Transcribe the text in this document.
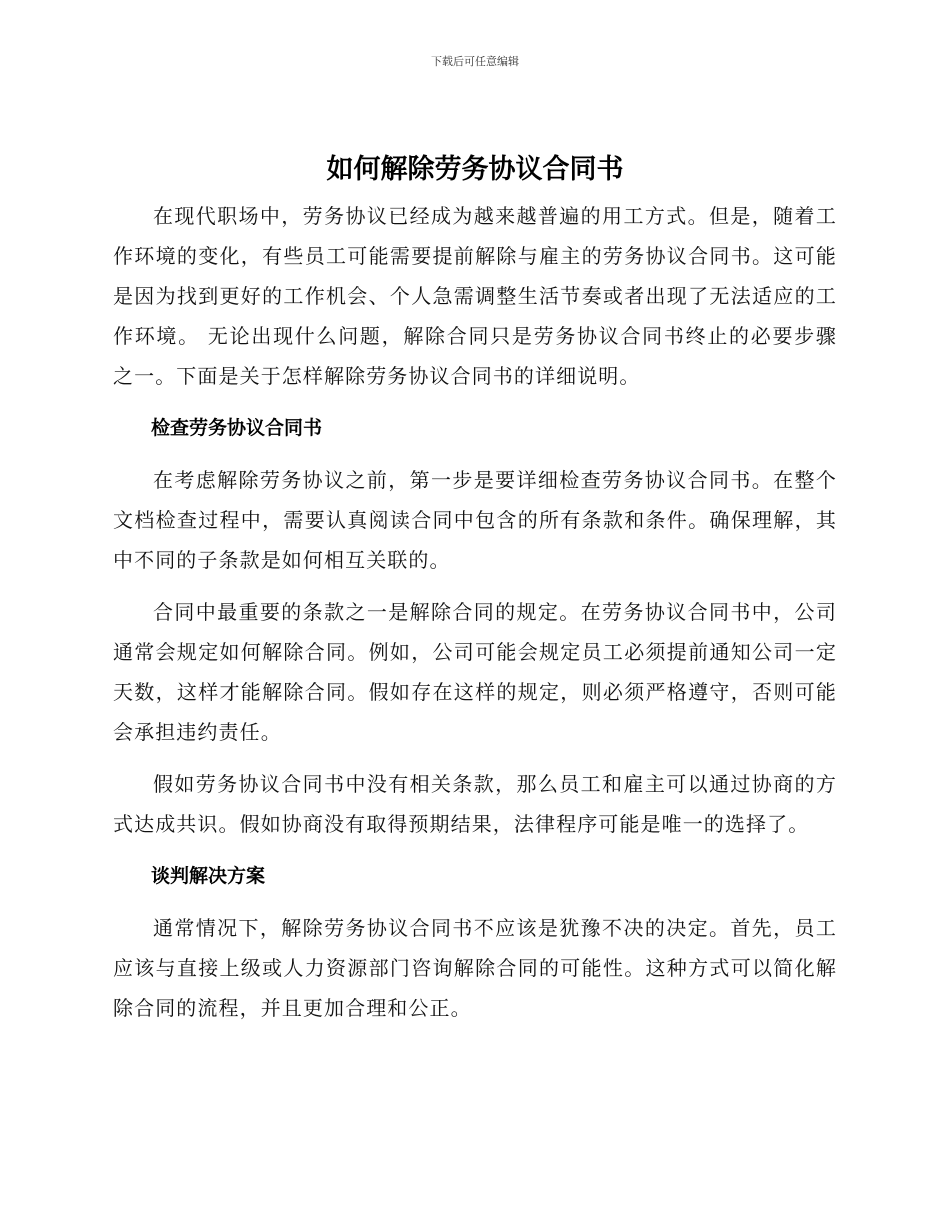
下载后可任意编辑
如何解除劳务协议合同书

在现代职场中，劳务协议已经成为越来越普遍的用工方式。但是，随着工作环境的变化，有些员工可能需要提前解除与雇主的劳务协议合同书。这可能是因为找到更好的工作机会、个人急需调整生活节奏或者出现了无法适应的工作环境。 无论出现什么问题，解除合同只是劳务协议合同书终止的必要步骤之一。下面是关于怎样解除劳务协议合同书的详细说明。

检查劳务协议合同书

在考虑解除劳务协议之前，第一步是要详细检查劳务协议合同书。在整个文档检查过程中，需要认真阅读合同中包含的所有条款和条件。确保理解，其中不同的子条款是如何相互关联的。

合同中最重要的条款之一是解除合同的规定。在劳务协议合同书中，公司通常会规定如何解除合同。例如，公司可能会规定员工必须提前通知公司一定天数，这样才能解除合同。假如存在这样的规定，则必须严格遵守，否则可能会承担违约责任。

假如劳务协议合同书中没有相关条款，那么员工和雇主可以通过协商的方式达成共识。假如协商没有取得预期结果，法律程序可能是唯一的选择了。

谈判解决方案

通常情况下，解除劳务协议合同书不应该是犹豫不决的决定。首先，员工应该与直接上级或人力资源部门咨询解除合同的可能性。这种方式可以简化解除合同的流程，并且更加合理和公正。
